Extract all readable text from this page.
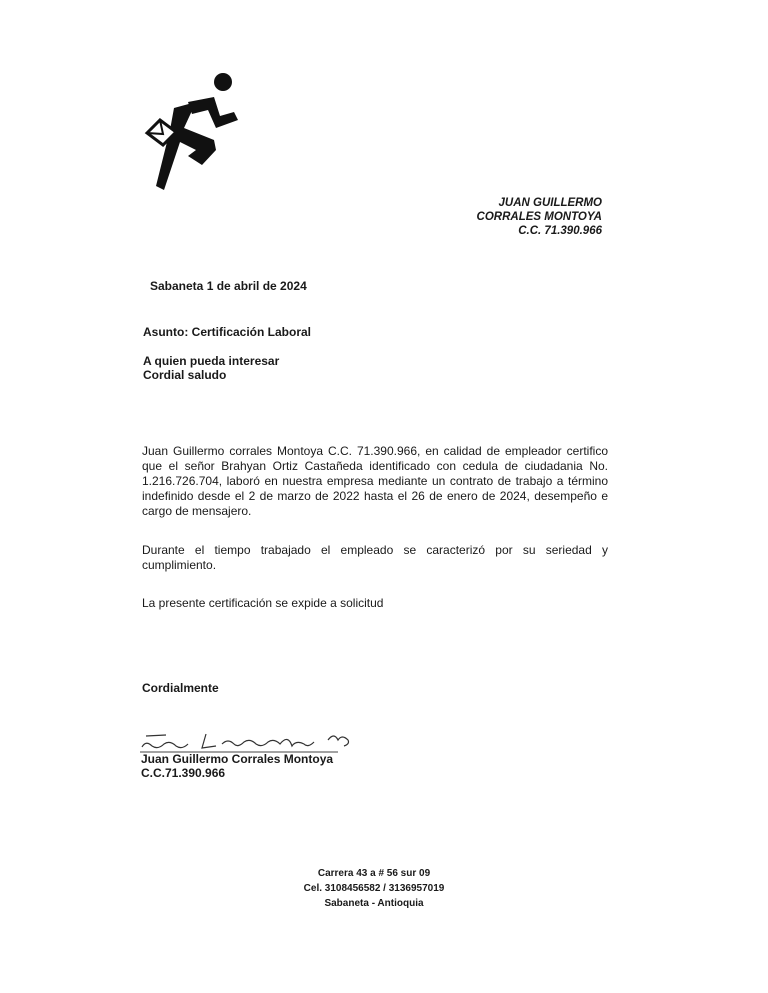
JUAN GUILLERMO
CORRALES MONTOYA
C.C. 71.390.966
Sabaneta 1 de abril de 2024
Asunto: Certificación Laboral
A quien pueda interesar
Cordial saludo
Juan Guillermo corrales Montoya C.C. 71.390.966, en calidad de empleador certifico que el señor Brahyan Ortiz Castañeda identificado con cedula de ciudadania No. 1.216.726.704, laboró en nuestra empresa mediante un contrato de trabajo a término indefinido desde el 2 de marzo de 2022 hasta el 26 de enero de 2024, desempeño e cargo de mensajero.
Durante el tiempo trabajado el empleado se caracterizó por su seriedad y cumplimiento.
La presente certificación se expide a solicitud
Cordialmente
Juan Guillermo Corrales Montoya
C.C.71.390.966
Carrera 43 a # 56 sur 09
Cel. 3108456582 / 3136957019
Sabaneta - Antioquia
